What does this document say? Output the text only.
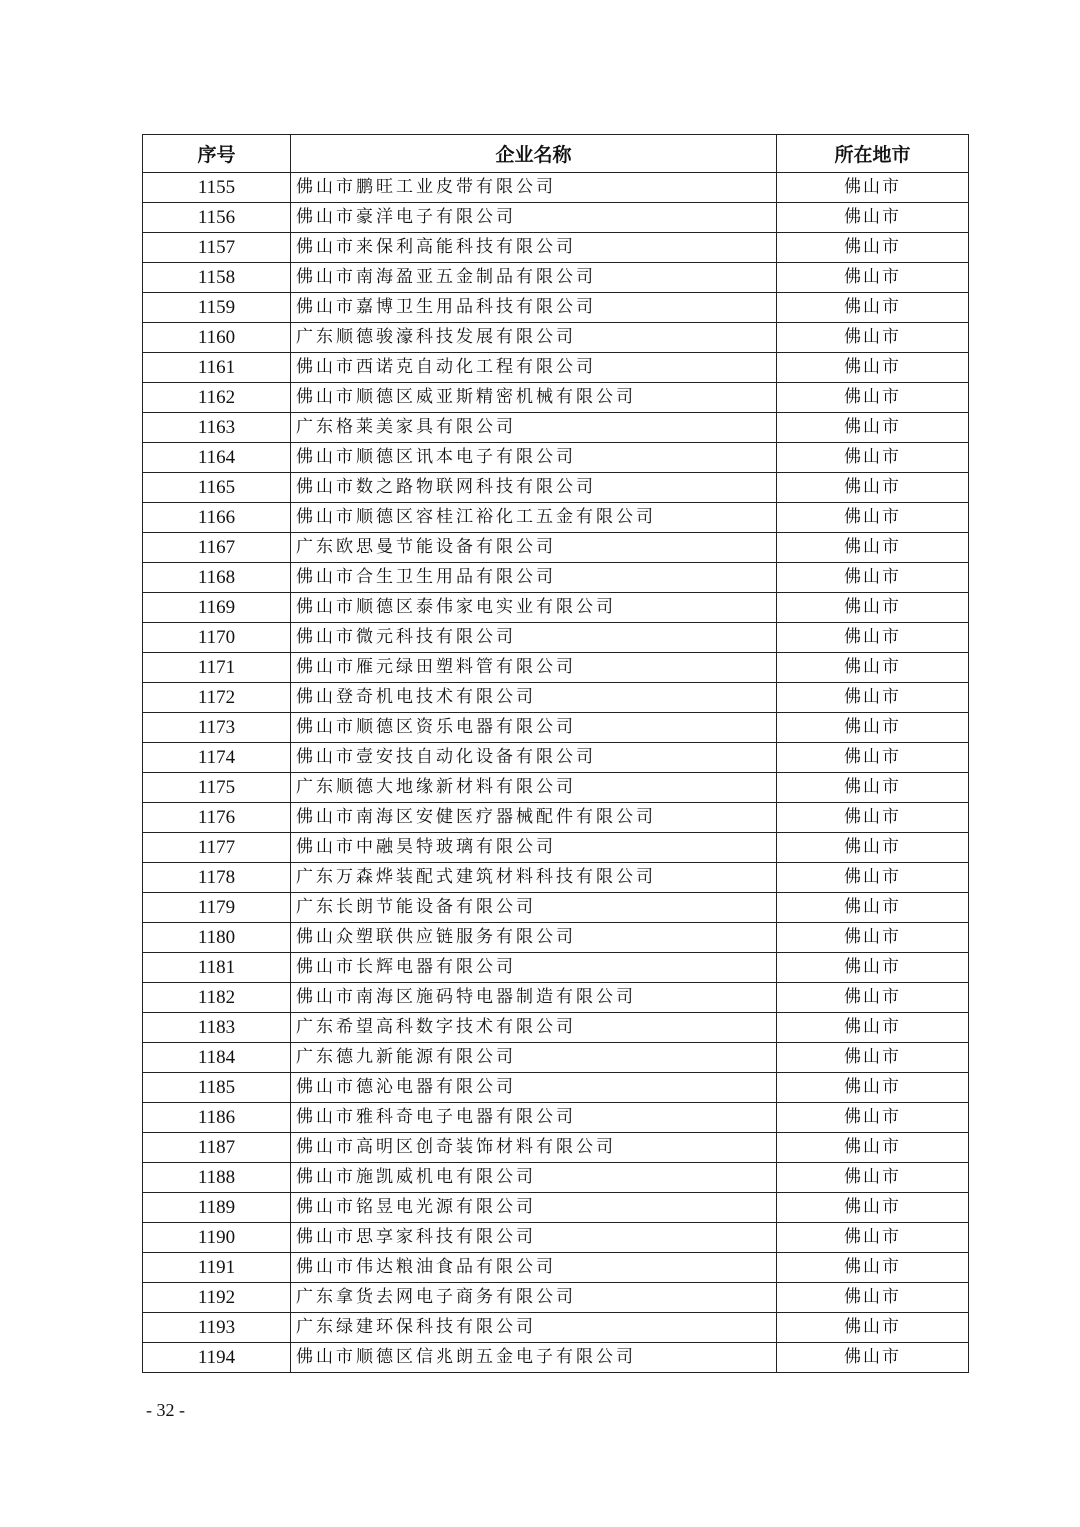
序号	企业名称	所在地市
1155	佛山市鹏旺工业皮带有限公司	佛山市
1156	佛山市豪洋电子有限公司	佛山市
1157	佛山市来保利高能科技有限公司	佛山市
1158	佛山市南海盈亚五金制品有限公司	佛山市
1159	佛山市嘉博卫生用品科技有限公司	佛山市
1160	广东顺德骏濠科技发展有限公司	佛山市
1161	佛山市西诺克自动化工程有限公司	佛山市
1162	佛山市顺德区威亚斯精密机械有限公司	佛山市
1163	广东格莱美家具有限公司	佛山市
1164	佛山市顺德区讯本电子有限公司	佛山市
1165	佛山市数之路物联网科技有限公司	佛山市
1166	佛山市顺德区容桂江裕化工五金有限公司	佛山市
1167	广东欧思曼节能设备有限公司	佛山市
1168	佛山市合生卫生用品有限公司	佛山市
1169	佛山市顺德区泰伟家电实业有限公司	佛山市
1170	佛山市微元科技有限公司	佛山市
1171	佛山市雁元绿田塑料管有限公司	佛山市
1172	佛山登奇机电技术有限公司	佛山市
1173	佛山市顺德区资乐电器有限公司	佛山市
1174	佛山市壹安技自动化设备有限公司	佛山市
1175	广东顺德大地缘新材料有限公司	佛山市
1176	佛山市南海区安健医疗器械配件有限公司	佛山市
1177	佛山市中融昊特玻璃有限公司	佛山市
1178	广东万森烨装配式建筑材料科技有限公司	佛山市
1179	广东长朗节能设备有限公司	佛山市
1180	佛山众塑联供应链服务有限公司	佛山市
1181	佛山市长辉电器有限公司	佛山市
1182	佛山市南海区施码特电器制造有限公司	佛山市
1183	广东希望高科数字技术有限公司	佛山市
1184	广东德九新能源有限公司	佛山市
1185	佛山市德沁电器有限公司	佛山市
1186	佛山市雅科奇电子电器有限公司	佛山市
1187	佛山市高明区创奇装饰材料有限公司	佛山市
1188	佛山市施凯威机电有限公司	佛山市
1189	佛山市铭昱电光源有限公司	佛山市
1190	佛山市思享家科技有限公司	佛山市
1191	佛山市伟达粮油食品有限公司	佛山市
1192	广东拿货去网电子商务有限公司	佛山市
1193	广东绿建环保科技有限公司	佛山市
1194	佛山市顺德区信兆朗五金电子有限公司	佛山市
- 32 -
